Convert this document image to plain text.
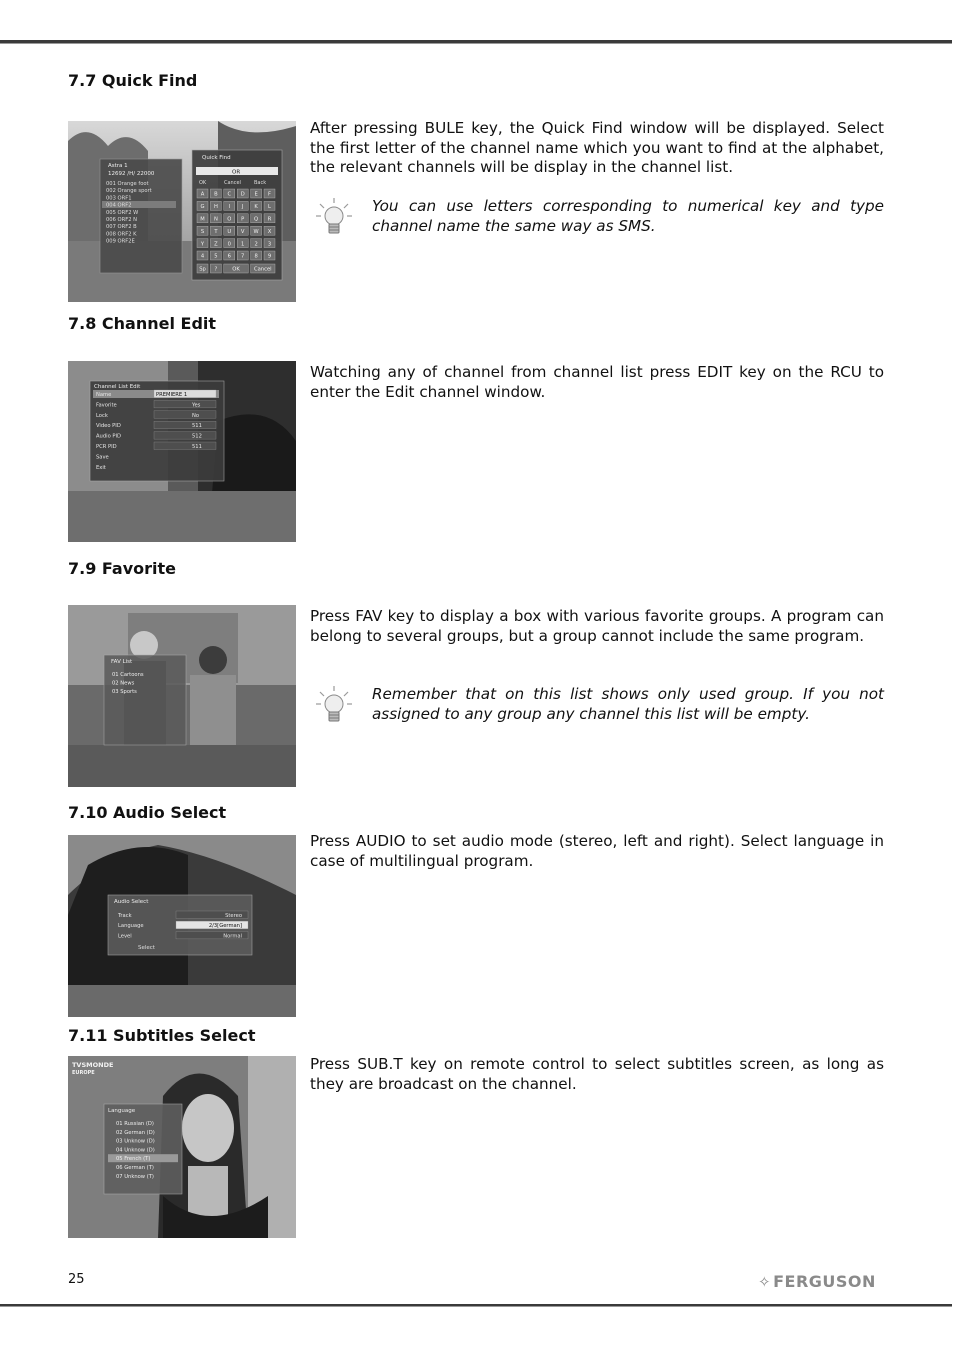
7.7 Quick Find
Astra 1
12692 /H/ 22000
001 Orange foot
002 Orange sport
003 ORF1
004 ORF2
005 ORF2 W
006 ORF2 N
007 ORF2 B
008 ORF2 K
009 ORF2E
Quick Find
OR
OK	Cancel	Back
A B C D E F
G H I J K L
M N O P Q R
S T U V W X
Y Z 0 1 2 3
4 5 6 7 8 9
Sp ?	OK	Cancel

After pressing BULE key, the Quick Find window will be displayed. Select the first letter of the channel name which you want to find at the alphabet, the relevant channels will be display in the channel list.

You can use letters corresponding to numerical key and type channel name the same way as SMS.

7.8 Channel Edit
Channel List Edit
Name	PREMIERE 1
Favorite	Yes
Lock	No
Video PID	511
Audio PID	512
PCR PID	511
Save
Exit

Watching any of channel from channel list press EDIT key on the RCU to enter the Edit channel window.

7.9 Favorite
FAV List
01 Cartoons
02 News
03 Sports

Press FAV key to display a box with various favorite groups. A program can belong to several groups, but a group cannot include the same program.

Remember that on this list shows only used group. If you not assigned to any group any channel this list will be empty.

7.10 Audio Select
Audio Select
Track	Stereo
Language	2/3[German]
Level	Normal
Select

Press AUDIO to set audio mode (stereo, left and right). Select language in case of multilingual program.

7.11 Subtitles Select
TVSMONDE
EUROPE
Language
01 Russian (D)
02 German (D)
03 Unknow (D)
04 Unknow (D)
05 French (T)
06 German (T)
07 Unknow (T)

Press SUB.T key on remote control to select subtitles screen, as long as they are broadcast on the channel.

25	✧ FERGUSON
